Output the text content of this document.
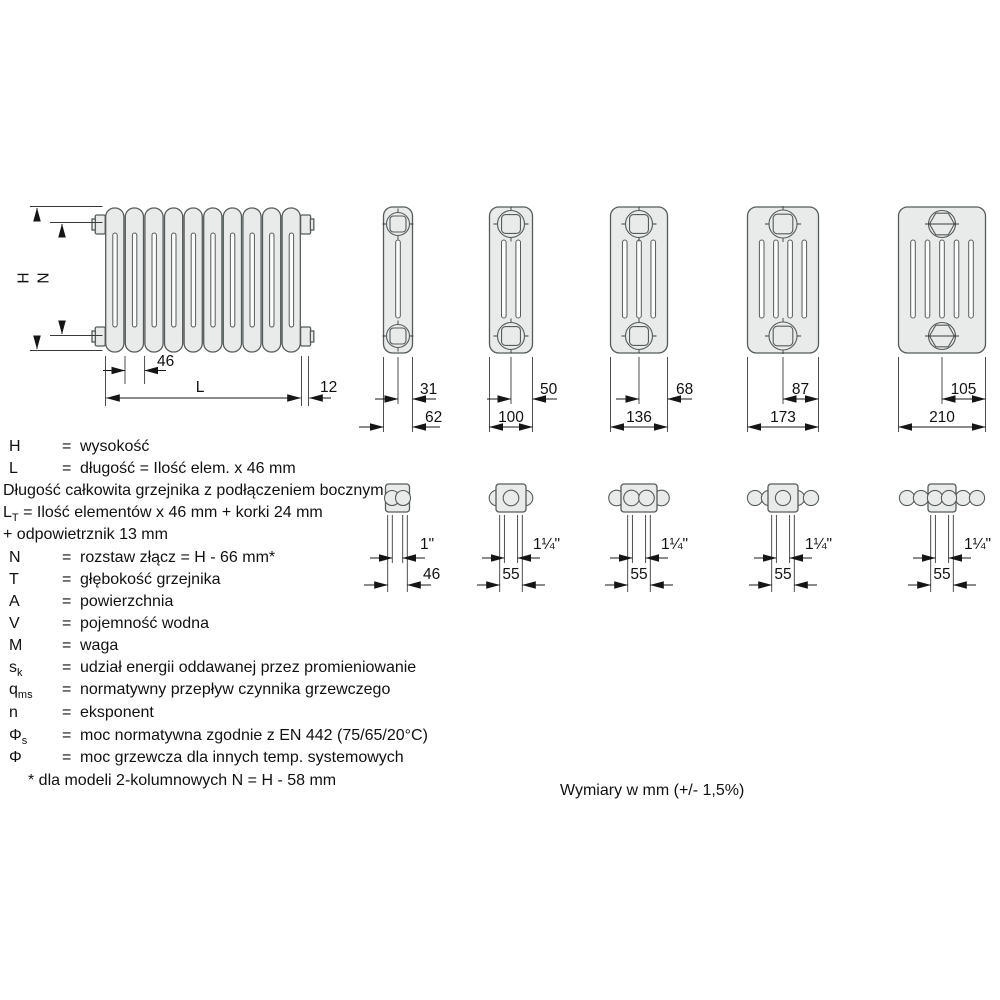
H N
46
L	12	31
62
50
100
68
136
87
173
105
210
1"
46
1¼"
55
1¼"
55
1¼"
55
1¼"
55
H	= wysokość
L	= długość = Ilość elem. x 46 mm
Długość całkowita grzejnika z podłączeniem bocznym
$L_T$ = Ilość elementów x 46 mm + korki 24 mm
+ odpowietrznik 13 mm
N	= rozstaw złącz = H - 66 mm*
T	= głębokość grzejnika
A	= powierzchnia
V	= pojemność wodna
M = waga
$s_k$ = udział energii oddawanej przez promieniowanie
$q_{ms}$ = normatywny przepływ czynnika grzewczego
n	= eksponent
$\Phi_s$ = moc normatywna zgodnie z EN 442 (75/65/20°C)
Φ	= moc grzewcza dla innych temp. systemowych
* dla modeli 2-kolumnowych N = H - 58 mm
Wymiary w mm (+/- 1,5%)
